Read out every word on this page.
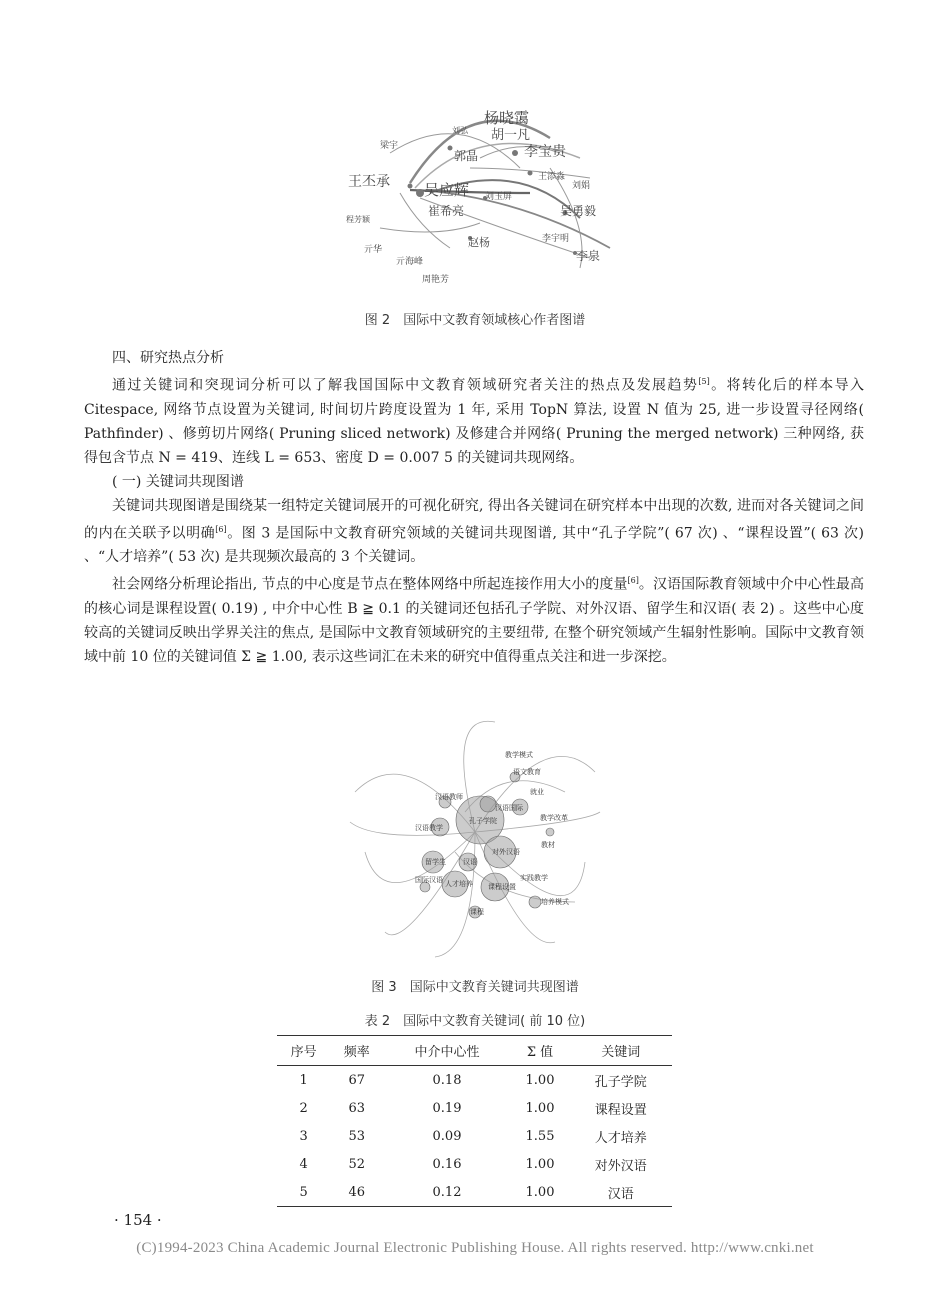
杨晓霭
刘弘 胡一凡
梁宇
郭晶	李宝贵
王添淼
刘娟
王丕承 吴应辉 刘玉屏
崔希亮	吴勇毅
程芳颖
李宇明
赵杨
亓华	李泉
亓海峰
周艳芳
图 2　国际中文教育领域核心作者图谱

四、研究热点分析

通过关键词和突现词分析可以了解我国国际中文教育领域研究者关注的热点及发展趋势[5]。将转化后的样本导入 Citespace, 网络节点设置为关键词, 时间切片跨度设置为 1 年, 采用 TopN 算法, 设置 N 值为 25, 进一步设置寻径网络( Pathfinder) 、修剪切片网络( Pruning sliced network) 及修建合并网络( Pruning the merged network) 三种网络, 获得包含节点 N = 419、连线 L = 653、密度 D = 0.007 5 的关键词共现网络。

( 一) 关键词共现图谱

关键词共现图谱是围绕某一组特定关键词展开的可视化研究, 得出各关键词在研究样本中出现的次数, 进而对各关键词之间的内在关联予以明确[6]。图 3 是国际中文教育研究领域的关键词共现图谱, 其中“孔子学院”( 67 次) 、“课程设置”( 63 次) 、“人才培养”( 53 次) 是共现频次最高的 3 个关键词。

社会网络分析理论指出, 节点的中心度是节点在整体网络中所起连接作用大小的度量[6]。汉语国际教育领域中介中心性最高的核心词是课程设置( 0.19) , 中介中心性 B ≧ 0.1 的关键词还包括孔子学院、对外汉语、留学生和汉语( 表 2) 。这些中心度较高的关键词反映出学界关注的焦点, 是国际中文教育领域研究的主要纽带, 在整个研究领域产生辐射性影响。国际中文教育领域中前 10 位的关键词值 Σ ≧ 1.00, 表示这些词汇在未来的研究中值得重点关注和进一步深挖。

孔子学院
对外汉语
课程设置
人才培养
留学生 汉语
语文教育
教学改革
汉语教学
培养模式
实践教学
教学模式
汉语教师
教材
国际汉语
课程
汉语国际
就业
图 3　国际中文教育关键词共现图谱
表 2　国际中文教育关键词( 前 10 位)
序号	频率	中介中心性	Σ 值	关键词
1	67	0.18	1.00	孔子学院
2	63	0.19	1.00	课程设置
3	53	0.09	1.55	人才培养
4	52	0.16	1.00	对外汉语
5	46	0.12	1.00	汉语
· 154 ·
(C)1994-2023 China Academic Journal Electronic Publishing House. All rights reserved. http://www.cnki.net
